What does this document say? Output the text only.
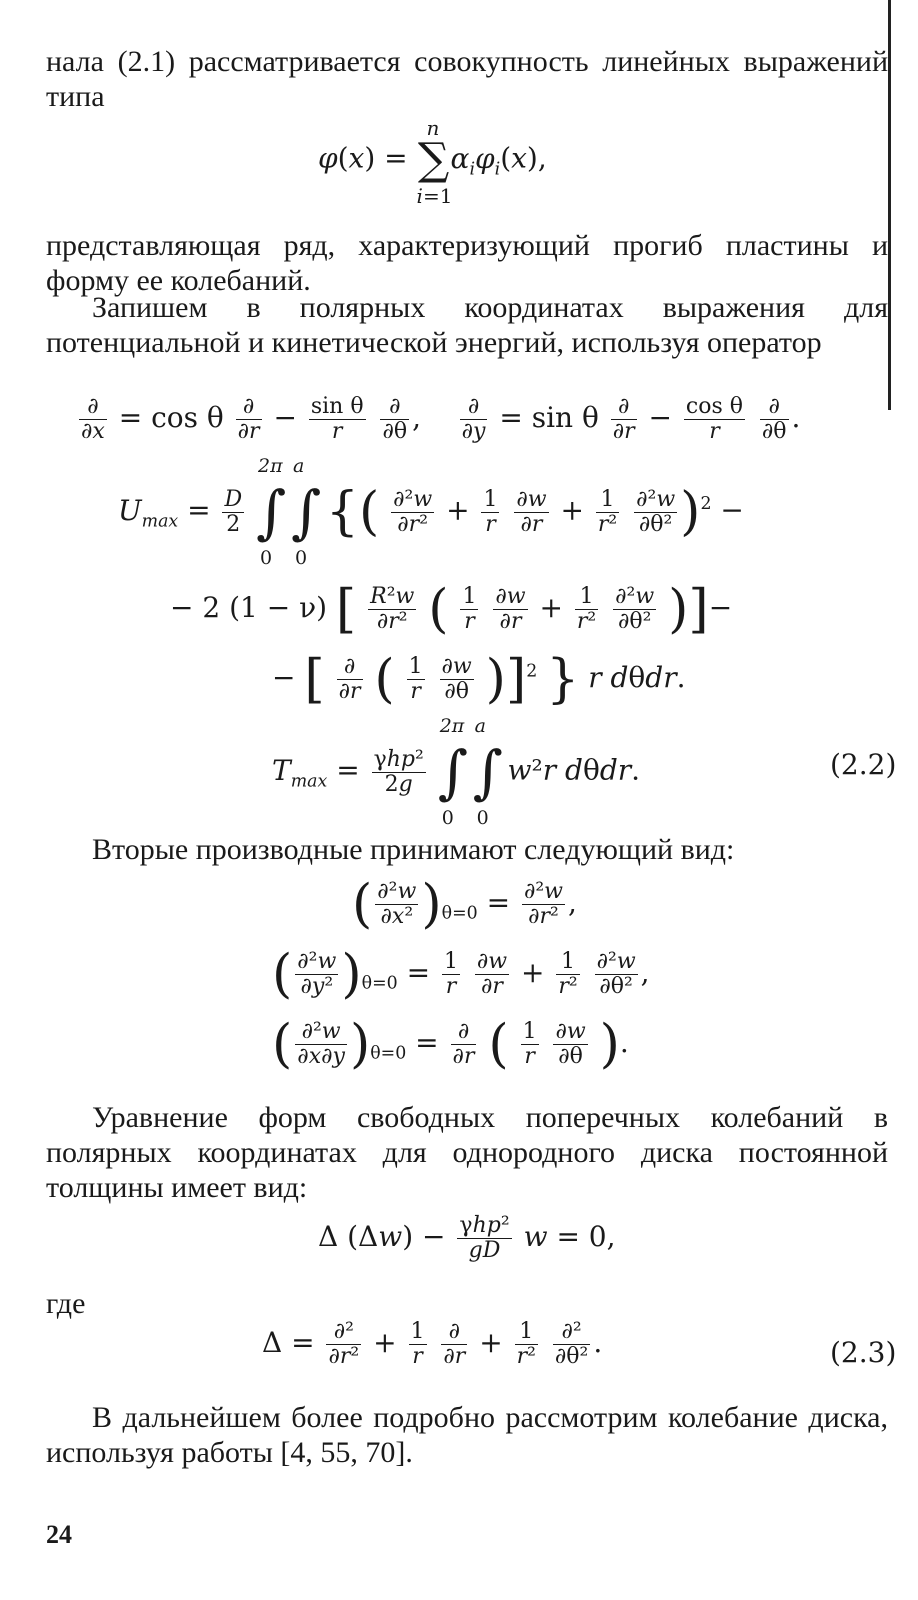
нала (2.1) рассматривается совокупность линейных выражений типа

φ(x) = ∑
n
i=1
$\alpha_i\varphi_i(x)$,

представляющая ряд, характеризующий прогиб пластины и форму ее колебаний.

Запишем в полярных координатах выражения для потенциальной и кинетической энергий, используя оператор

$\frac{\partial}{\partial x} = \cos \theta \frac{\partial}{\partial r} - \frac{\text{sin θ}}{r}$
$\frac{\partial}{\partial\theta}$ , $\frac{\partial}{\partial y} = \sin \theta \frac{\partial}{\partial r} - \frac{\text{cos θ}}{r}$
$\frac{\partial}{\partial\theta}$ .
$U_{max} = \frac{D}{2}$ ∫
2π
0
∫
a
0
{( $\frac{\text{∂²w}}{\text{∂r²}} + \frac{1}{r}$
$\frac{\partial w}{\partial r} + \frac{1}{\text{r²}}$
$\frac{\text{∂²w}}{\text{∂θ²}} )^2$ −
− 2 (1 − ν) [ $\frac{\text{R²w}}{\text{∂r²}}$ ( $\frac{1}{r}$
$\frac{\partial w}{\partial r} + \frac{1}{\text{r²}}$
$\frac{\text{∂²w}}{\text{∂θ²}}$ )]−
− [ $\frac{\partial}{\partial r}$ ( $\frac{1}{r}$
$\frac{\partial w}{\partial\theta} )]^2$ } r dθdr.
$T_{max} = \frac{\text{γhp²}}{2g}$ ∫
2π
0
∫
a
0
w²r dθdr.	(2.2)

Вторые производные принимают следующий вид:

( $\frac{\text{∂²w}}{\text{∂x²}} )_{\theta=0} = \frac{\text{∂²w}}{\text{∂r²}}$ ,
( $\frac{\text{∂²w}}{\text{∂y²}} )_{\theta=0} = \frac{1}{r}$
$\frac{\partial w}{\partial r} + \frac{1}{\text{r²}}$
$\frac{\text{∂²w}}{\text{∂θ²}}$ ,
( $\frac{\text{∂²w}}{\partial x\partial y} )_{\theta=0} = \frac{\partial}{\partial r}$ ( $\frac{1}{r}$
$\frac{\partial w}{\partial\theta}$ ).

Уравнение форм свободных поперечных колебаний в полярных координатах для однородного диска постоянной толщины имеет вид:

Δ $(\Delta w) - \frac{\text{γhp²}}{gD}$ w = 0,

где

$\Delta = \frac{\text{∂²}}{\text{∂r²}} + \frac{1}{r}$
$\frac{\partial}{\partial r} + \frac{1}{\text{r²}}$
$\frac{\text{∂²}}{\text{∂θ²}}$ .	(2.3)

В дальнейшем более подробно рассмотрим колебание диска, используя работы [4, 55, 70].

24
